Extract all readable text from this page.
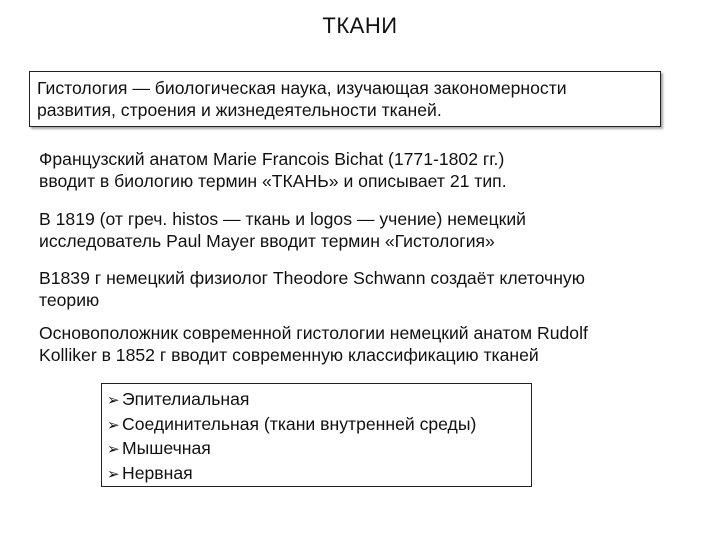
ТКАНИ
Гистология — биологическая наука, изучающая закономерности
развития, строения и жизнедеятельности тканей.
Французский анатом Marie Francois Bichat (1771-1802 гг.)
вводит в биологию термин «ТКАНЬ» и описывает 21 тип.
В 1819 (от греч. histos — ткань и logos — учение) немецкий
исследователь Paul Mayer вводит термин «Гистология»
В1839 г немецкий физиолог Theodore Schwann создаёт клеточную
теорию
Основоположник современной гистологии немецкий анатом Rudolf
Kolliker в 1852 г вводит современную классификацию тканей
➢ Эпителиальная
➢ Соединительная (ткани внутренней среды)
➢ Мышечная
➢ Нервная
